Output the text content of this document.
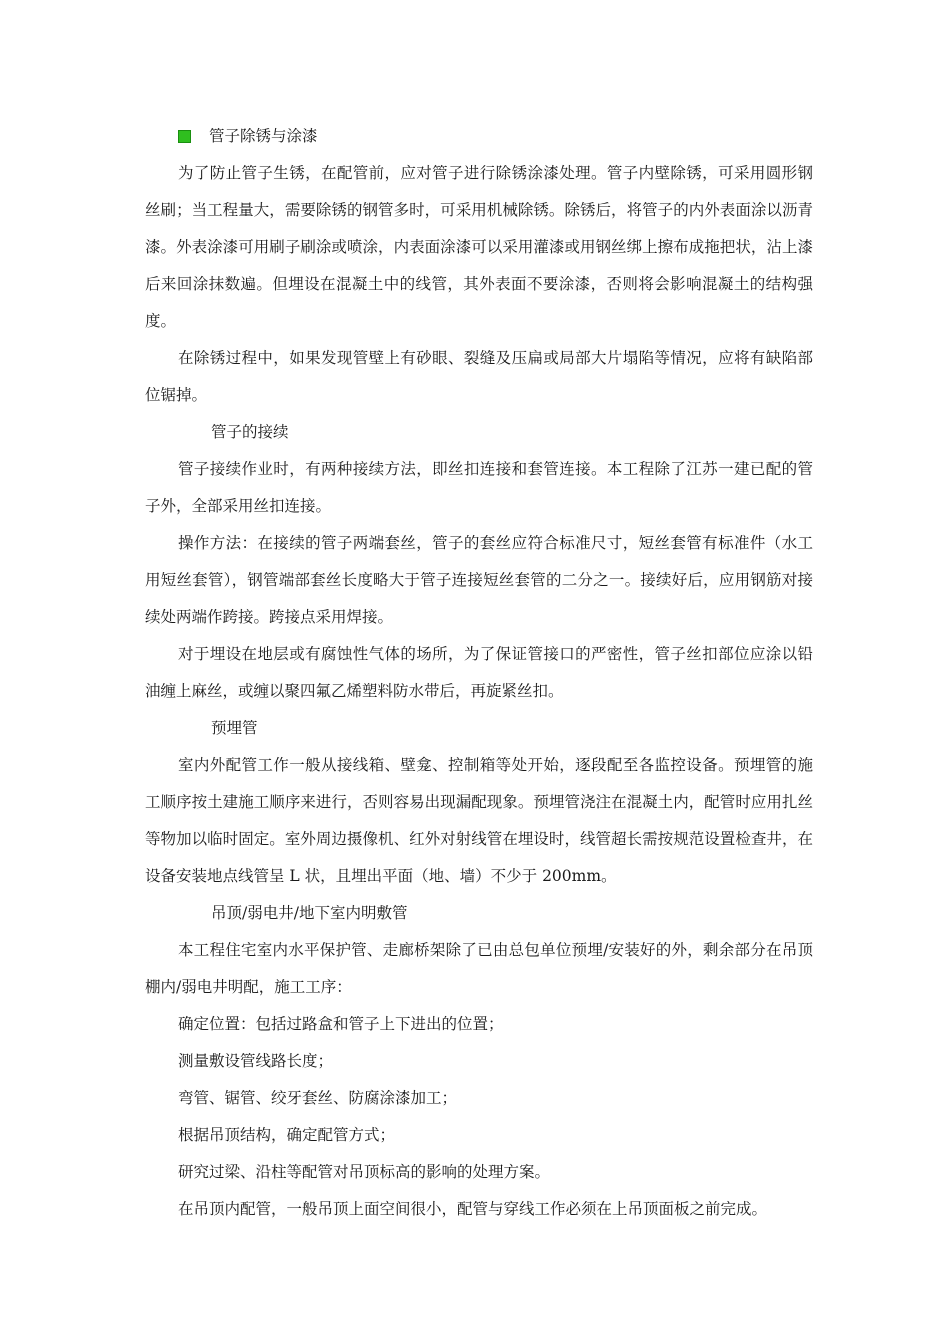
管子除锈与涂漆

为了防止管子生锈，在配管前，应对管子进行除锈涂漆处理。管子内壁除锈，可采用圆形钢丝刷；当工程量大，需要除锈的钢管多时，可采用机械除锈。除锈后，将管子的内外表面涂以沥青漆。外表涂漆可用刷子刷涂或喷涂，内表面涂漆可以采用灌漆或用钢丝绑上擦布成拖把状，沾上漆后来回涂抹数遍。但埋设在混凝土中的线管，其外表面不要涂漆，否则将会影响混凝土的结构强度。

在除锈过程中，如果发现管壁上有砂眼、裂缝及压扁或局部大片塌陷等情况，应将有缺陷部位锯掉。

管子的接续

管子接续作业时，有两种接续方法，即丝扣连接和套管连接。本工程除了江苏一建已配的管子外，全部采用丝扣连接。

操作方法：在接续的管子两端套丝，管子的套丝应符合标准尺寸，短丝套管有标准件（水工用短丝套管），钢管端部套丝长度略大于管子连接短丝套管的二分之一。接续好后，应用钢筋对接续处两端作跨接。跨接点采用焊接。

对于埋设在地层或有腐蚀性气体的场所，为了保证管接口的严密性，管子丝扣部位应涂以铅油缠上麻丝，或缠以聚四氟乙烯塑料防水带后，再旋紧丝扣。

预埋管

室内外配管工作一般从接线箱、壁龛、控制箱等处开始，逐段配至各监控设备。预埋管的施工顺序按土建施工顺序来进行，否则容易出现漏配现象。预埋管浇注在混凝土内，配管时应用扎丝等物加以临时固定。室外周边摄像机、红外对射线管在埋设时，线管超长需按规范设置检查井，在设备安装地点线管呈 L 状，且埋出平面（地、墙）不少于 200mm。

吊顶/弱电井/地下室内明敷管

本工程住宅室内水平保护管、走廊桥架除了已由总包单位预埋/安装好的外，剩余部分在吊顶棚内/弱电井明配，施工工序：

确定位置：包括过路盒和管子上下进出的位置；

测量敷设管线路长度；

弯管、锯管、绞牙套丝、防腐涂漆加工；

根据吊顶结构，确定配管方式；

研究过梁、沿柱等配管对吊顶标高的影响的处理方案。

在吊顶内配管，一般吊顶上面空间很小，配管与穿线工作必须在上吊顶面板之前完成。
